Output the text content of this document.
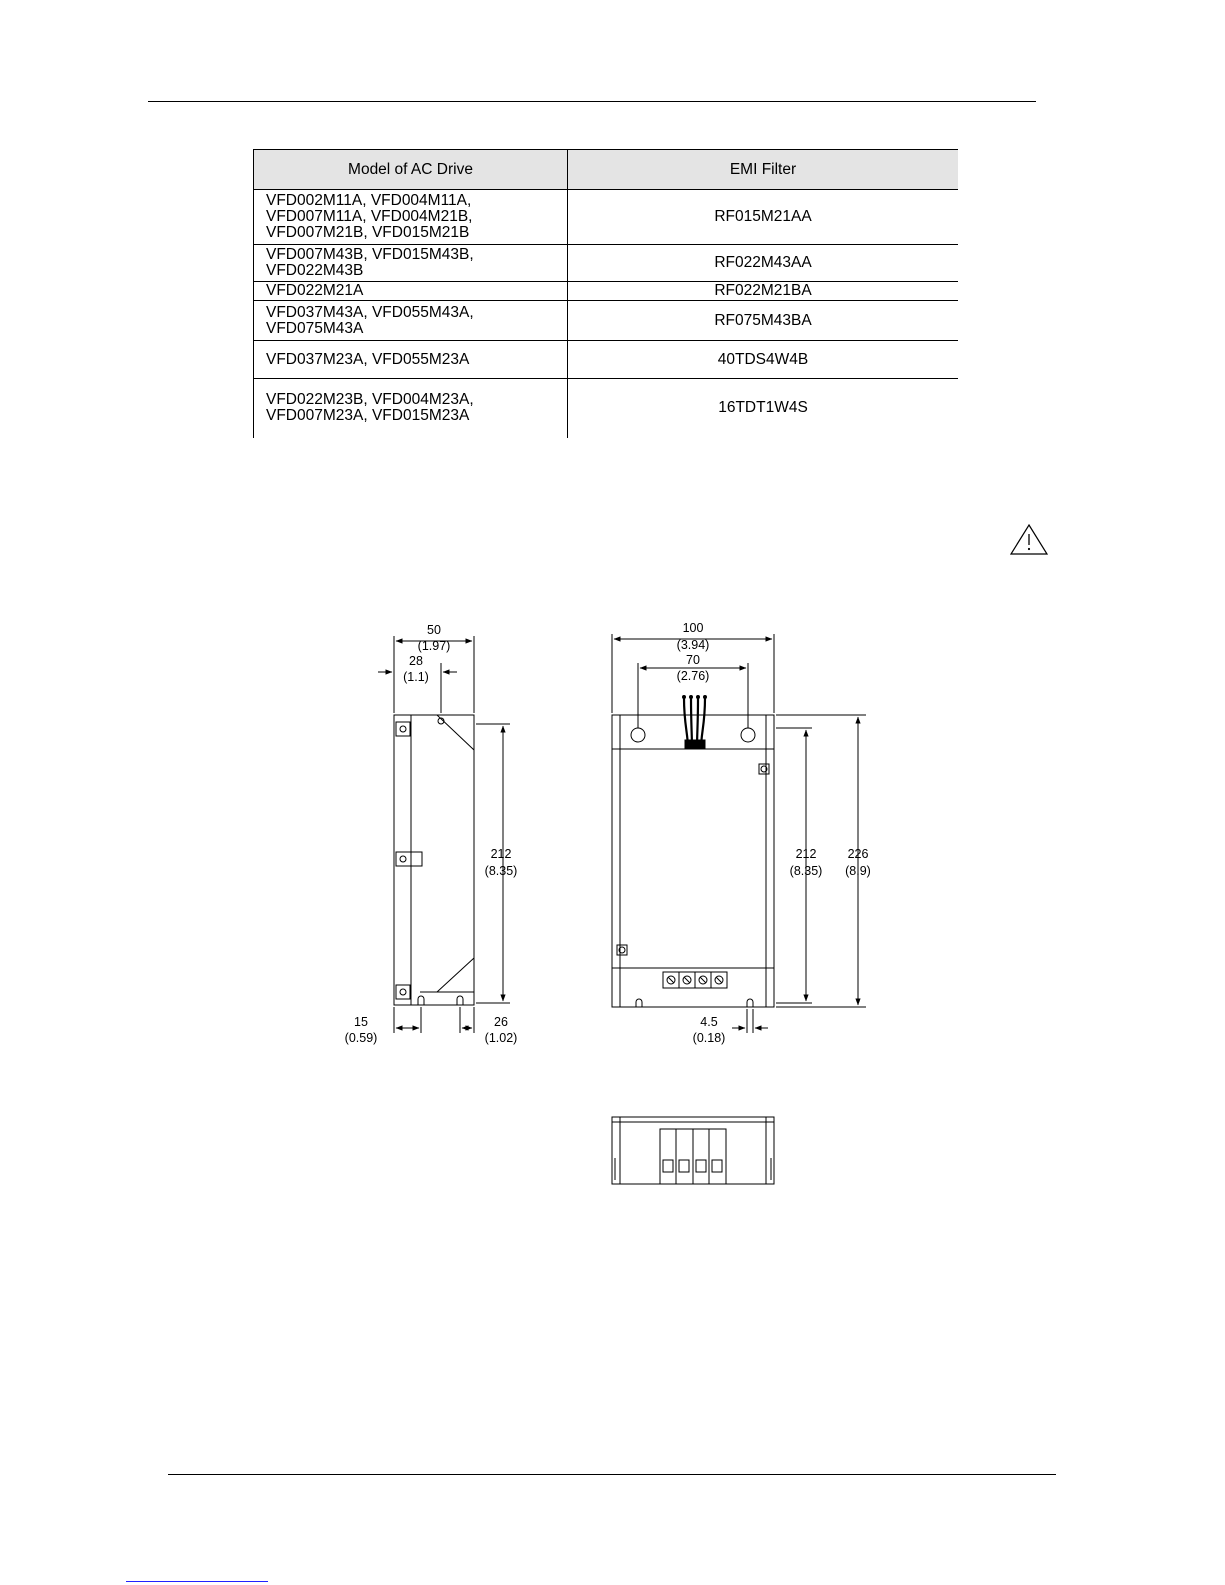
Model of AC Drive	EMI Filter

VFD002M11A, VFD004M11A,
VFD007M11A, VFD004M21B,
VFD007M21B, VFD015M21B	RF015M21AA

VFD007M43B, VFD015M43B,
VFD022M43B	RF022M43AA

VFD022M21A	RF022M21BA

VFD037M43A, VFD055M43A,
VFD075M43A	RF075M43BA

VFD037M23A, VFD055M23A	40TDS4W4B

VFD022M23B, VFD004M23A,
VFD007M23A, VFD015M23A	16TDT1W4S
50
(1.97)
28
(1.1)
212
(8.35)
15
(0.59)
26
(1.02)
100
(3.94)
70
(2.76)
212
(8.35)
226
(8.9)
4.5
(0.18)
